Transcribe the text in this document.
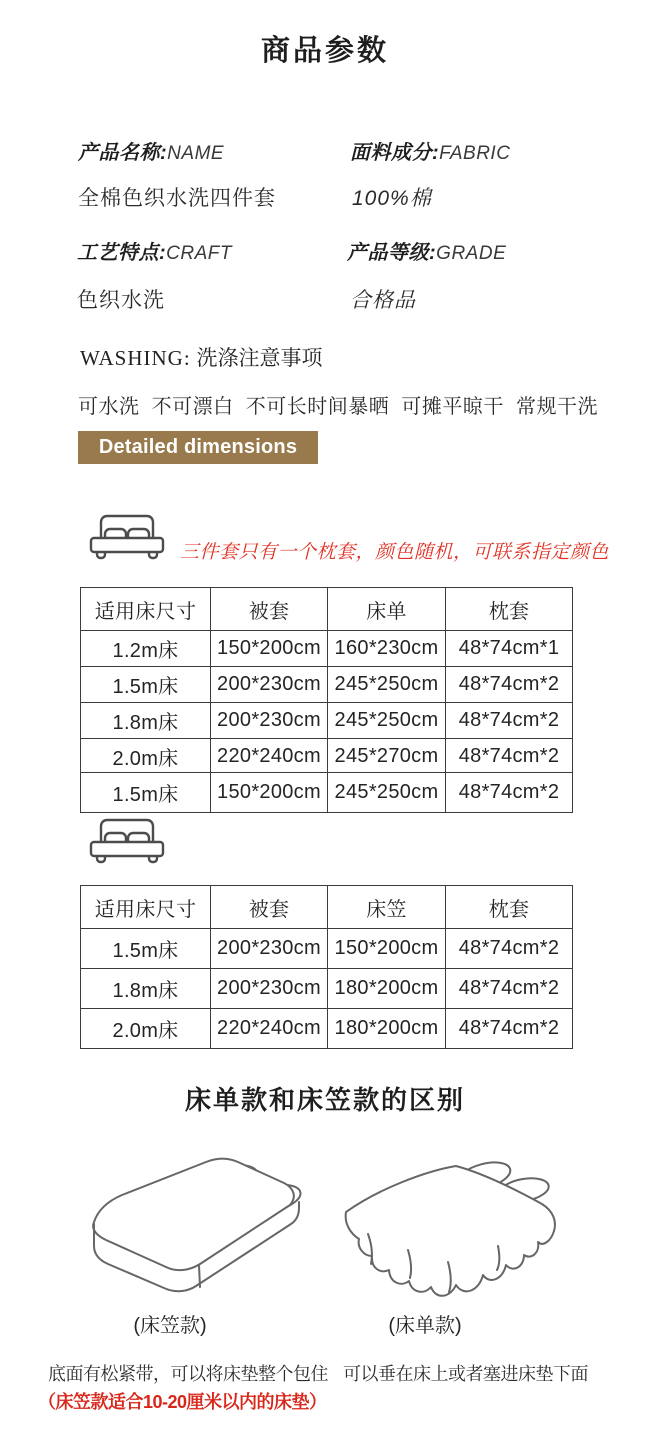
商品参数
产品名称:NAME	面料成分:FABRIC
全棉色织水洗四件套	100%棉
工艺特点:CRAFT	产品等级:GRADE
色织水洗	合格品
WASHING: 洗涤注意事项
可水洗  不可漂白  不可长时间暴晒  可摊平晾干  常规干洗
Detailed dimensions
三件套只有一个枕套，颜色随机，可联系指定颜色
适用床尺寸	被套	床单	枕套
1.2m床	150*200cm	160*230cm	48*74cm*1
1.5m床	200*230cm	245*250cm	48*74cm*2
1.8m床	200*230cm	245*250cm	48*74cm*2
2.0m床	220*240cm	245*270cm	48*74cm*2
1.5m床	150*200cm	245*250cm	48*74cm*2
适用床尺寸	被套	床笠	枕套
1.5m床	200*230cm	150*200cm	48*74cm*2
1.8m床	200*230cm	180*200cm	48*74cm*2
2.0m床	220*240cm	180*200cm	48*74cm*2
床单款和床笠款的区别
(床笠款)	(床单款)
底面有松紧带，可以将床垫整个包住 可以垂在床上或者塞进床垫下面
（床笠款适合10-20厘米以内的床垫）
